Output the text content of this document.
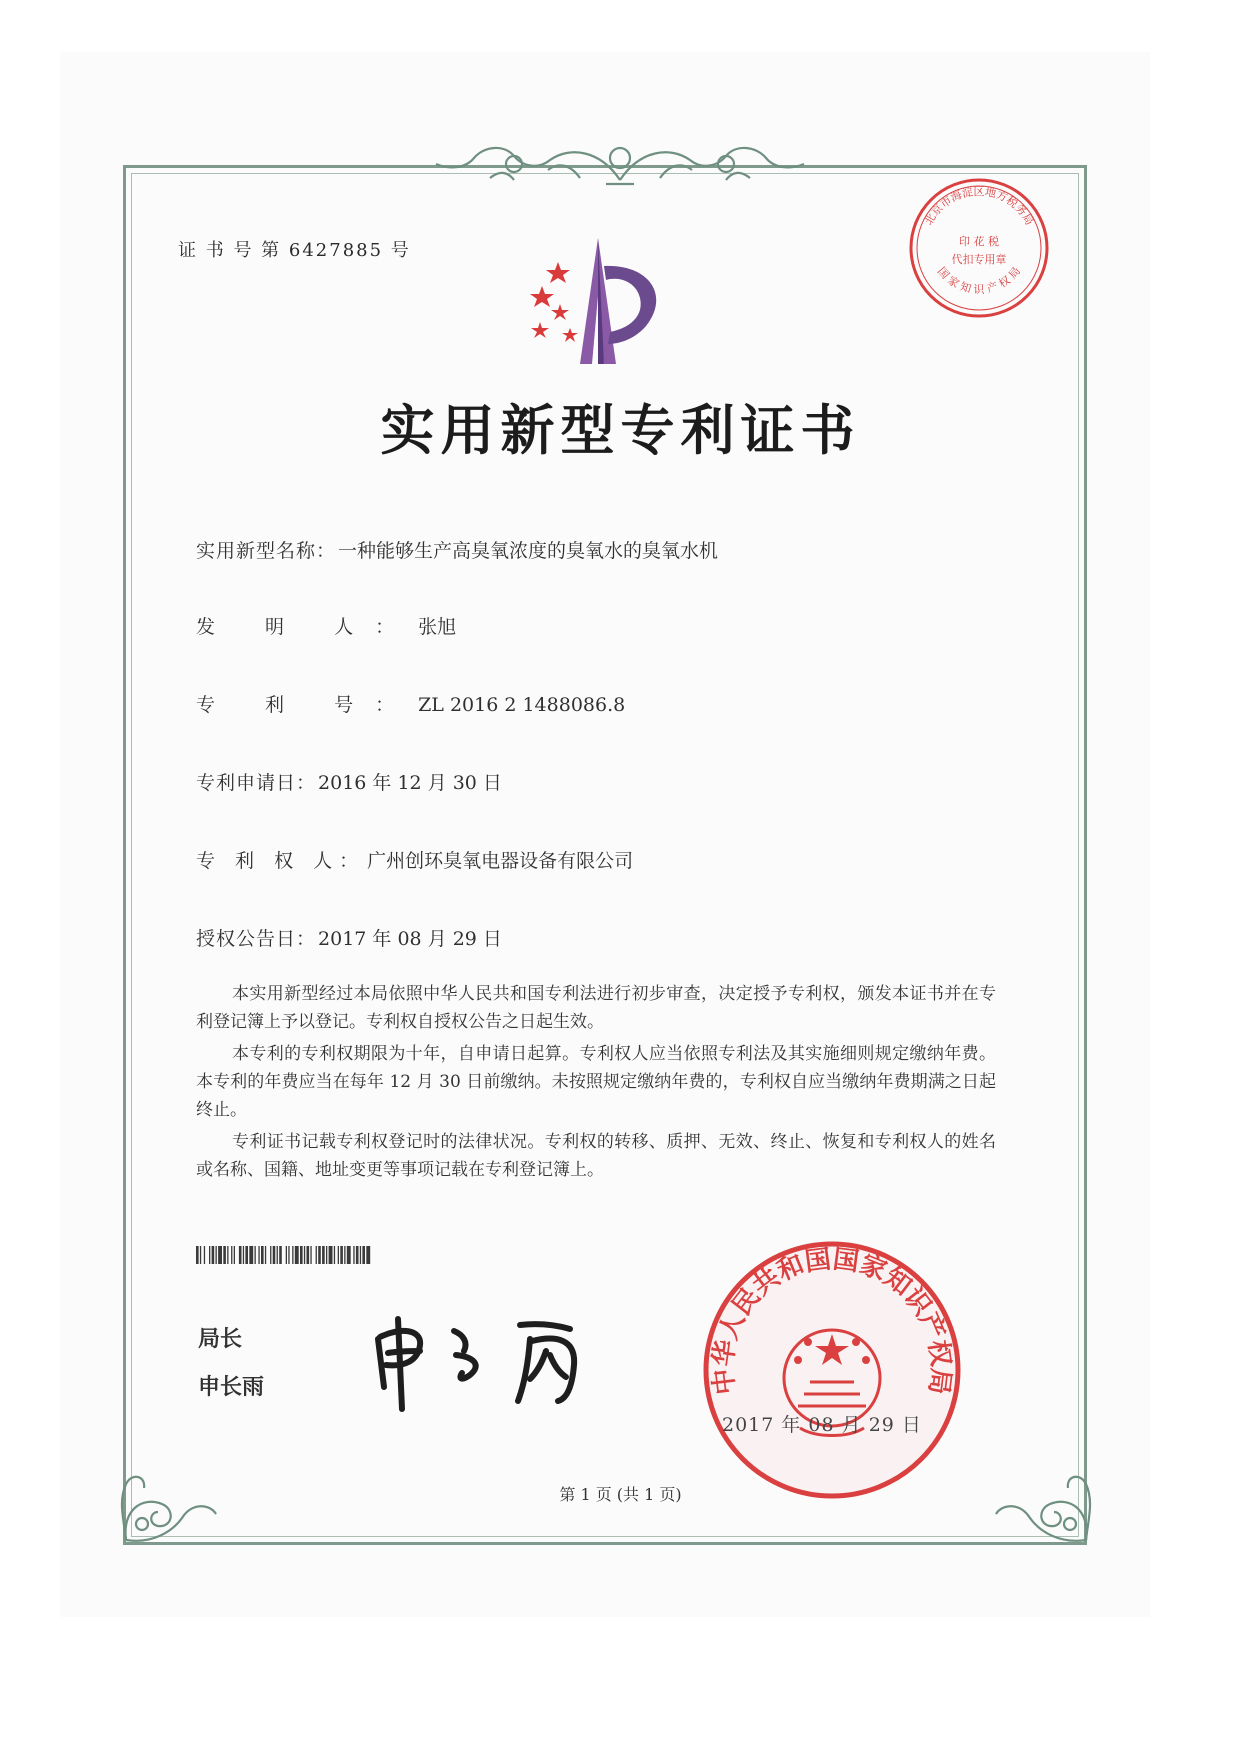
北京市海淀区地方税务局
印 花 税
代扣专用章
国 家 知 识 产 权 局
证 书 号 第 6427885 号
实用新型专利证书
实用新型名称： 一种能够生产高臭氧浓度的臭氧水的臭氧水机
发 明 人： 张旭
专 利 号： ZL 2016 2 1488086.8
专利申请日： 2016 年 12 月 30 日
专 利 权 人： 广州创环臭氧电器设备有限公司
授权公告日： 2017 年 08 月 29 日
本实用新型经过本局依照中华人民共和国专利法进行初步审查，决定授予专利权，颁发本证书并在专利登记簿上予以登记。专利权自授权公告之日起生效。
本专利的专利权期限为十年，自申请日起算。专利权人应当依照专利法及其实施细则规定缴纳年费。本专利的年费应当在每年 12 月 30 日前缴纳。未按照规定缴纳年费的，专利权自应当缴纳年费期满之日起终止。
专利证书记载专利权登记时的法律状况。专利权的转移、质押、无效、终止、恢复和专利权人的姓名或名称、国籍、地址变更等事项记载在专利登记簿上。
局长
申长雨	中华人民共和国国家知识产权局
2017 年 08 月 29 日
第 1 页 (共 1 页)
